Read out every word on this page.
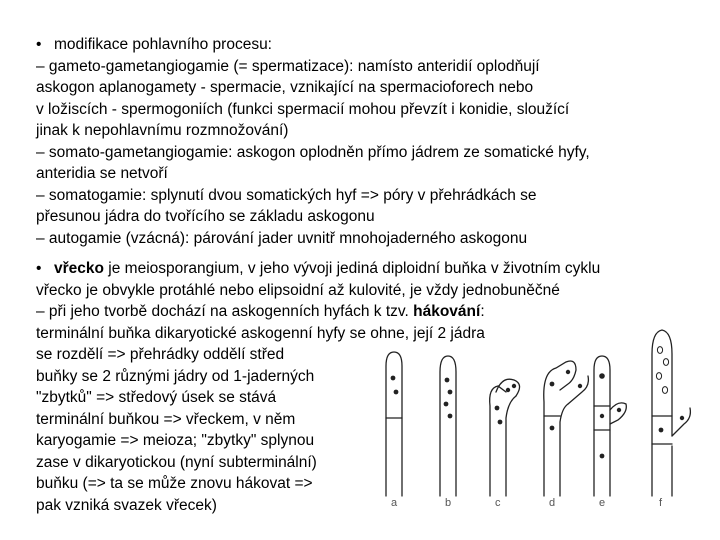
• modifikace pohlavního procesu:
– gameto-gametangiogamie (= spermatizace): namísto anteridií oplodňují
askogon aplanogamety - spermacie, vznikající na spermacioforech nebo
v ložiscích - spermogoniích (funkci spermacií mohou převzít i konidie, sloužící
jinak k nepohlavnímu rozmnožování)
– somato-gametangiogamie: askogon oplodněn přímo jádrem ze somatické hyfy,
anteridia se netvoří
– somatogamie: splynutí dvou somatických hyf => póry v přehrádkách se
přesunou jádra do tvořícího se základu askogonu
– autogamie (vzácná): párování jader uvnitř mnohojaderného askogonu
• vřecko je meiosporangium, v jeho vývoji jediná diploidní buňka v životním cyklu
vřecko je obvykle protáhlé nebo elipsoidní až kulovité, je vždy jednobuněčné
– při jeho tvorbě dochází na askogenních hyfách k tzv. hákování:
terminální buňka dikaryotické askogenní hyfy se ohne, její 2 jádra
se rozdělí => přehrádky oddělí střed
buňky se 2 různými jádry od 1-jaderných
"zbytků" => středový úsek se stává
terminální buňkou => vřeckem, v něm
karyogamie => meioza; "zbytky" splynou
zase v dikaryotickou (nyní subterminální)
buňku (=> ta se může znovu hákovat =>
pak vzniká svazek vřecek)	a	b	c	d	e	f
